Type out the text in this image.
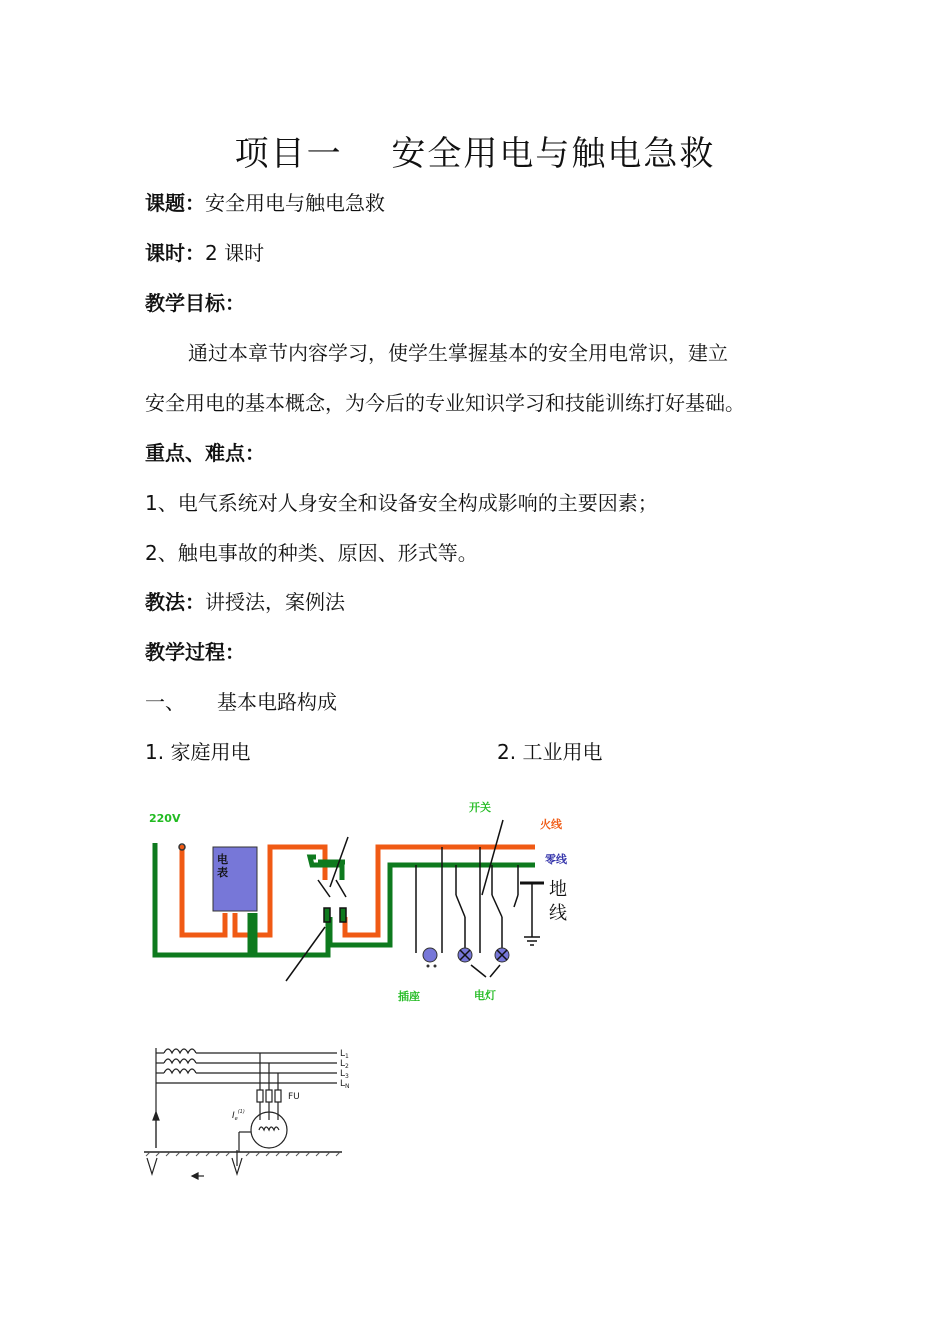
项目一　 安全用电与触电急救
课题：安全用电与触电急救
课时：2 课时
教学目标：
通过本章节内容学习，使学生掌握基本的安全用电常识，建立
安全用电的基本概念，为今后的专业知识学习和技能训练打好基础。
重点、难点：
1、电气系统对人身安全和设备安全构成影响的主要因素；
2、触电事故的种类、原因、形式等。
教法：讲授法，案例法
教学过程：
一、 基本电路构成
1. 家庭用电	2. 工业用电
220V
开关
火线
零线
电表
插座	电灯
地
线
$L_1$
$L_2$
$L_3$
$L_N$
FU
$I_e^{(1)}$
